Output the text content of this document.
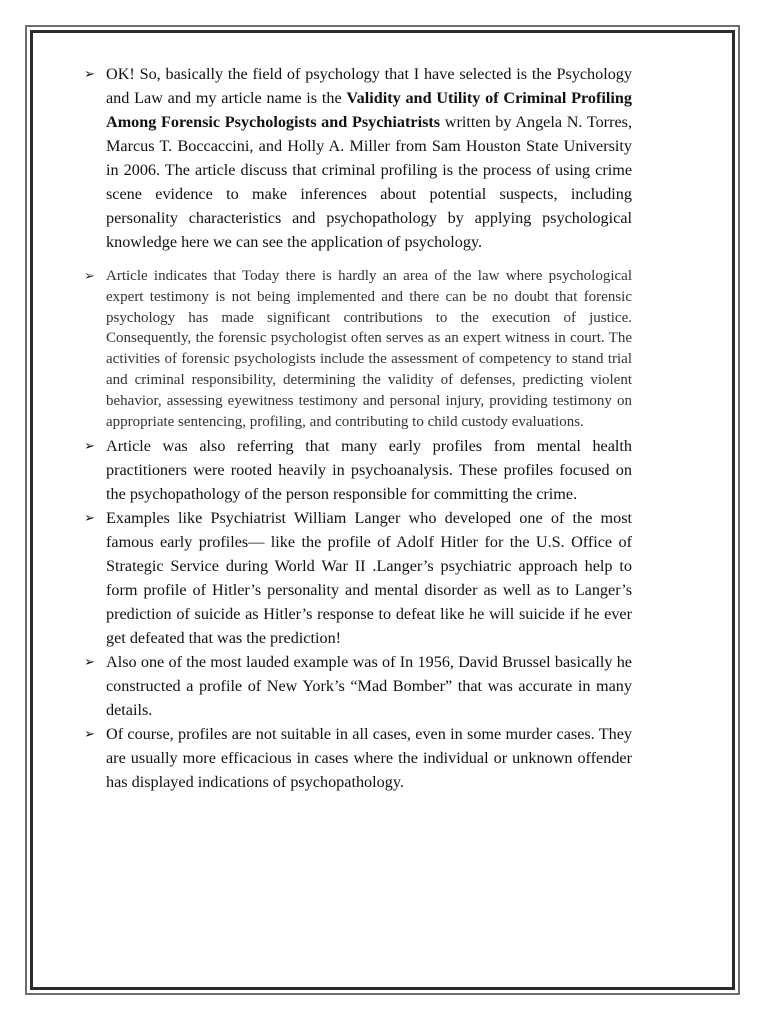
➢ OK! So, basically the field of psychology that I have selected is the Psychology and Law and my article name is the Validity and Utility of Criminal Profiling Among Forensic Psychologists and Psychiatrists written by Angela N. Torres, Marcus T. Boccaccini, and Holly A. Miller from Sam Houston State University in 2006. The article discuss that criminal profiling is the process of using crime scene evidence to make inferences about potential suspects, including personality characteristics and psychopathology by applying psychological knowledge here we can see the application of psychology.
➢ Article indicates that Today there is hardly an area of the law where psychological expert testimony is not being implemented and there can be no doubt that forensic psychology has made significant contributions to the execution of justice. Consequently, the forensic psychologist often serves as an expert witness in court. The activities of forensic psychologists include the assessment of competency to stand trial and criminal responsibility, determining the validity of defenses, predicting violent behavior, assessing eyewitness testimony and personal injury, providing testimony on appropriate sentencing, profiling, and contributing to child custody evaluations.
➢ Article was also referring that many early profiles from mental health practitioners were rooted heavily in psychoanalysis. These profiles focused on the psychopathology of the person responsible for committing the crime.
➢ Examples like Psychiatrist William Langer who developed one of the most famous early profiles— like the profile of Adolf Hitler for the U.S. Office of Strategic Service during World War II .Langer’s psychiatric approach help to form profile of Hitler’s personality and mental disorder as well as to Langer’s prediction of suicide as Hitler’s response to defeat like he will suicide if he ever get defeated that was the prediction!
➢ Also one of the most lauded example was of In 1956, David Brussel basically he constructed a profile of New York’s “Mad Bomber” that was accurate in many details.
➢ Of course, profiles are not suitable in all cases, even in some murder cases. They are usually more efficacious in cases where the individual or unknown offender has displayed indications of psychopathology.
